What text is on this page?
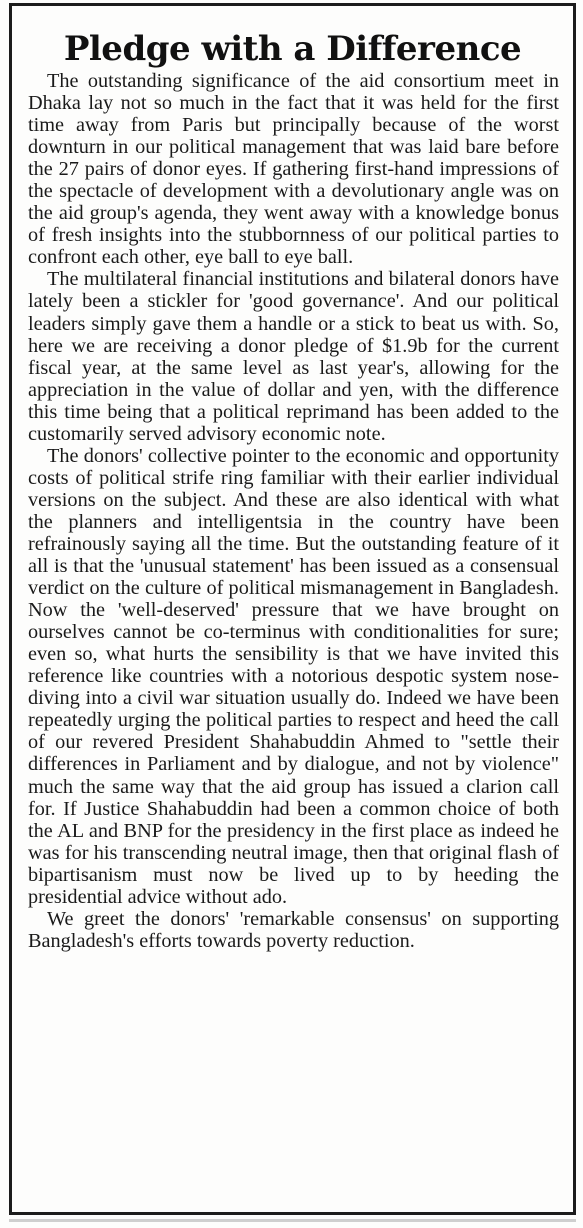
Pledge with a Difference

The outstanding significance of the aid consortium meet in Dhaka lay not so much in the fact that it was held for the first time away from Paris but principally because of the worst downturn in our political management that was laid bare before the 27 pairs of donor eyes. If gathering first-hand impressions of the spectacle of development with a devolutionary angle was on the aid group's agenda, they went away with a knowledge bonus of fresh insights into the stubbornness of our political parties to confront each other, eye ball to eye ball.

The multilateral financial institutions and bilateral donors have lately been a stickler for 'good governance'. And our political leaders simply gave them a handle or a stick to beat us with. So, here we are receiving a donor pledge of $1.9b for the current fiscal year, at the same level as last year's, allowing for the appreciation in the value of dollar and yen, with the difference this time being that a political reprimand has been added to the customarily served advisory economic note.

The donors' collective pointer to the economic and opportunity costs of political strife ring familiar with their earlier individual versions on the subject. And these are also identical with what the planners and intelligentsia in the country have been refrainously saying all the time. But the outstanding feature of it all is that the 'unusual statement' has been issued as a consensual verdict on the culture of political mismanagement in Bangladesh. Now the 'well-deserved' pressure that we have brought on ourselves cannot be co-terminus with conditionalities for sure; even so, what hurts the sensibility is that we have invited this reference like countries with a notorious despotic system nose-diving into a civil war situation usually do. Indeed we have been repeatedly urging the political parties to respect and heed the call of our revered President Shahabuddin Ahmed to "settle their differences in Parliament and by dialogue, and not by violence" much the same way that the aid group has issued a clarion call for. If Justice Shahabuddin had been a common choice of both the AL and BNP for the presidency in the first place as indeed he was for his transcending neutral image, then that original flash of bipartisanism must now be lived up to by heeding the presidential advice without ado.

We greet the donors' 'remarkable consensus' on supporting Bangladesh's efforts towards poverty reduction.
